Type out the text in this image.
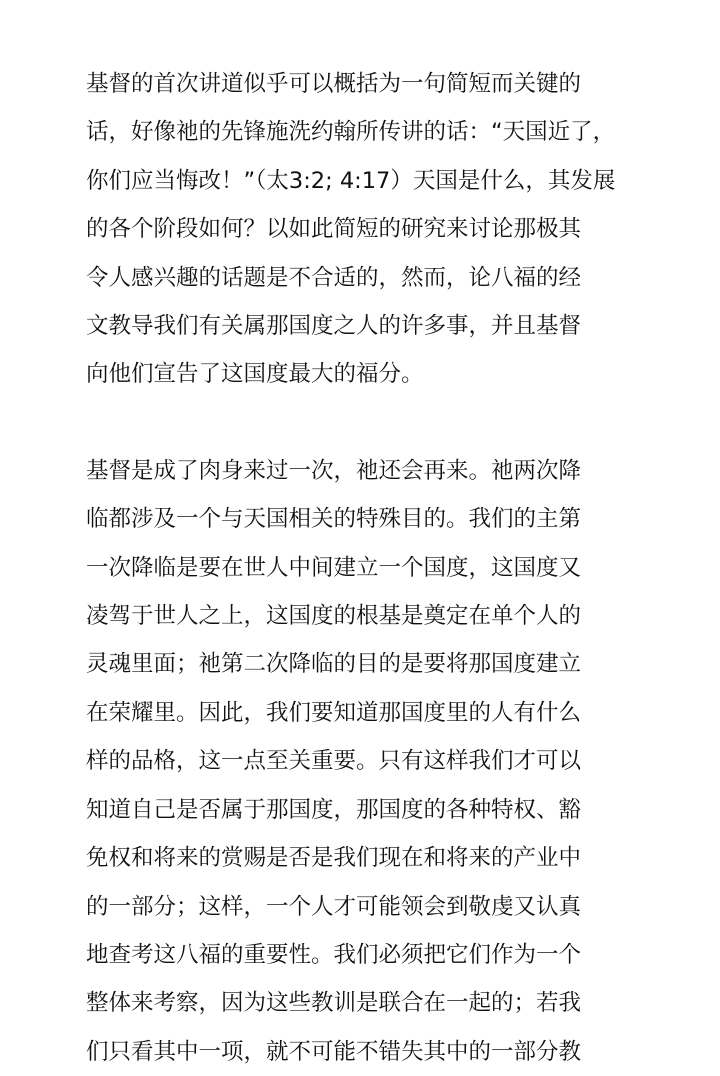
基督的首次讲道似乎可以概括为一句简短而关键的
话，好像祂的先锋施洗约翰所传讲的话：“天国近了，
你们应当悔改！”（太3:2; 4:17）天国是什么，其发展
的各个阶段如何？以如此简短的研究来讨论那极其
令人感兴趣的话题是不合适的，然而，论八福的经
文教导我们有关属那国度之人的许多事，并且基督
向他们宣告了这国度最大的福分。
基督是成了肉身来过一次，祂还会再来。祂两次降
临都涉及一个与天国相关的特殊目的。我们的主第
一次降临是要在世人中间建立一个国度，这国度又
凌驾于世人之上，这国度的根基是奠定在单个人的
灵魂里面；祂第二次降临的目的是要将那国度建立
在荣耀里。因此，我们要知道那国度里的人有什么
样的品格，这一点至关重要。只有这样我们才可以
知道自己是否属于那国度，那国度的各种特权、豁
免权和将来的赏赐是否是我们现在和将来的产业中
的一部分；这样，一个人才可能领会到敬虔又认真
地查考这八福的重要性。我们必须把它们作为一个
整体来考察，因为这些教训是联合在一起的；若我
们只看其中一项，就不可能不错失其中的一部分教
